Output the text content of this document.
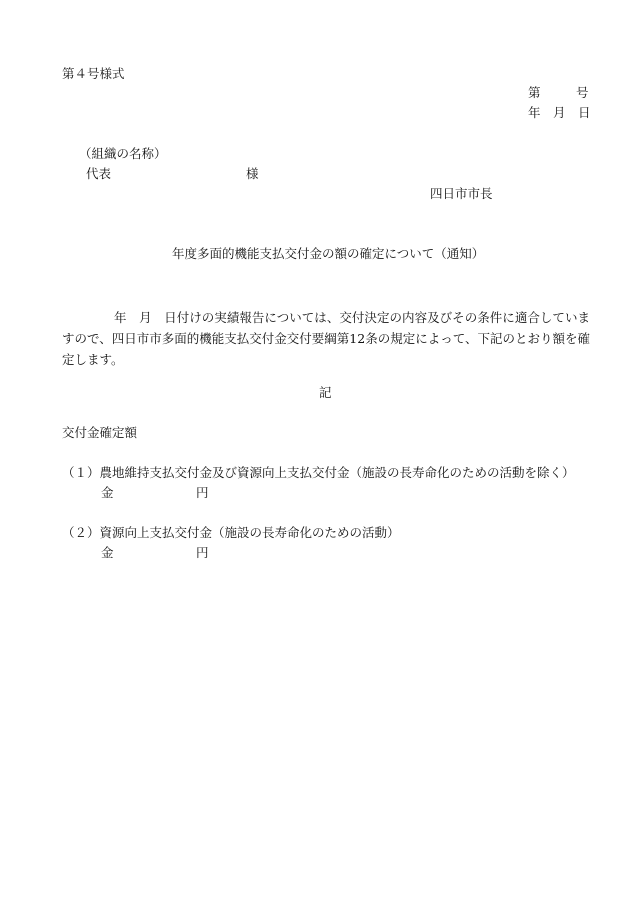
第４号様式
第	号
年 月 日
（組織の名称）
代表	様
四日市市長
年度多面的機能支払交付金の額の確定について（通知）
年　月　日付けの実績報告については、交付決定の内容及びその条件に適合していますので、四日市市多面的機能支払交付金交付要綱第12条の規定によって、下記のとおり額を確定します。
記
交付金確定額
（１）農地維持支払交付金及び資源向上支払交付金（施設の長寿命化のための活動を除く）
金	円
（２）資源向上支払交付金（施設の長寿命化のための活動）
金	円
